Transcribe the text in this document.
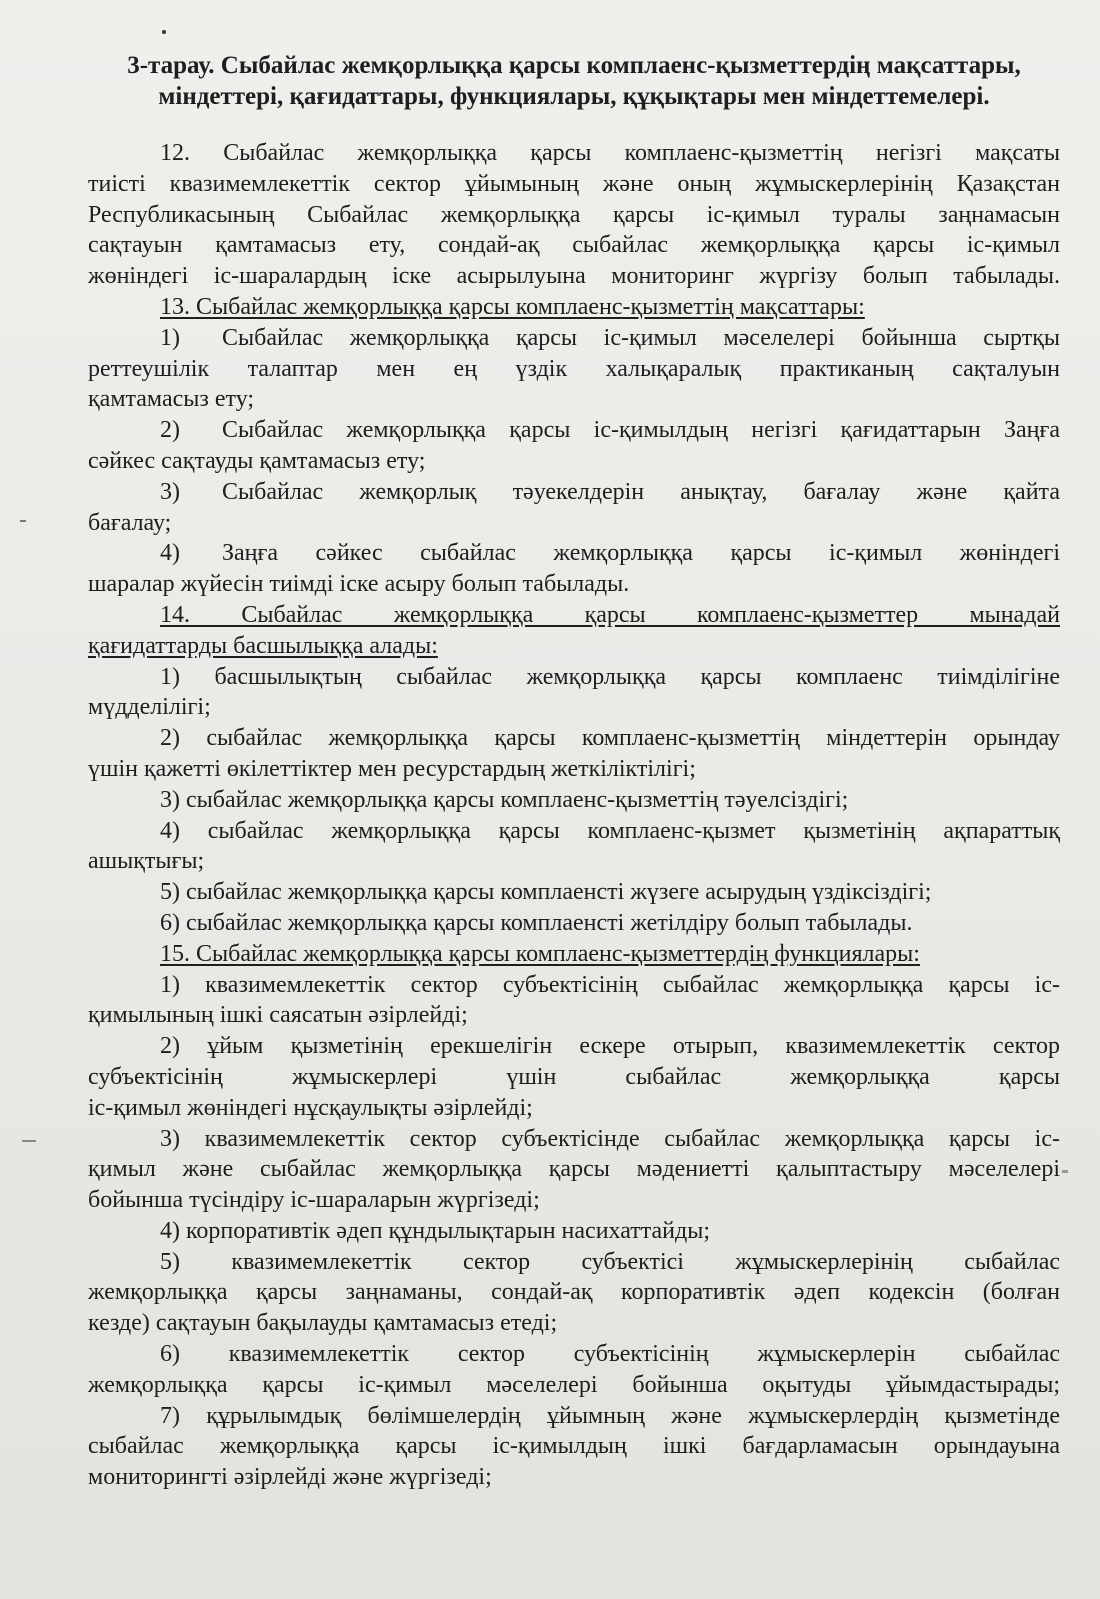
3-тарау. Сыбайлас жемқорлыққа қарсы комплаенс-қызметтердің мақсаттары, міндеттері, қағидаттары, функциялары, құқықтары мен міндеттемелері.
12. Сыбайлас жемқорлыққа қарсы комплаенс-қызметтің негізгі мақсаты
тиісті квазимемлекеттік сектор ұйымының және оның жұмыскерлерінің Қазақстан
Республикасының Сыбайлас жемқорлыққа қарсы іс-қимыл туралы заңнамасын
сақтауын қамтамасыз ету, сондай-ақ сыбайлас жемқорлыққа қарсы іс-қимыл
жөніндегі іс-шаралардың іске асырылуына мониторинг жүргізу болып табылады.
13. Сыбайлас жемқорлыққа қарсы комплаенс-қызметтің мақсаттары:
1) Сыбайлас жемқорлыққа қарсы іс-қимыл мәселелері бойынша сыртқы
реттеушілік талаптар мен ең үздік халықаралық практиканың сақталуын
қамтамасыз ету;
2) Сыбайлас жемқорлыққа қарсы іс-қимылдың негізгі қағидаттарын Заңға
сәйкес сақтауды қамтамасыз ету;
3) Сыбайлас жемқорлық тәуекелдерін анықтау, бағалау және қайта
бағалау;
4) Заңға сәйкес сыбайлас жемқорлыққа қарсы іс-қимыл жөніндегі
шаралар жүйесін тиімді іске асыру болып табылады.
14. Сыбайлас жемқорлыққа қарсы комплаенс-қызметтер мынадай
қағидаттарды басшылыққа алады:
1) басшылықтың сыбайлас жемқорлыққа қарсы комплаенс тиімділігіне
мүдделілігі;
2) сыбайлас жемқорлыққа қарсы комплаенс-қызметтің міндеттерін орындау
үшін қажетті өкілеттіктер мен ресурстардың жеткіліктілігі;
3) сыбайлас жемқорлыққа қарсы комплаенс-қызметтің тәуелсіздігі;
4) сыбайлас жемқорлыққа қарсы комплаенс-қызмет қызметінің ақпараттық
ашықтығы;
5) сыбайлас жемқорлыққа қарсы комплаенсті жүзеге асырудың үздіксіздігі;
6) сыбайлас жемқорлыққа қарсы комплаенсті жетілдіру болып табылады.
15. Сыбайлас жемқорлыққа қарсы комплаенс-қызметтердің функциялары:
1) квазимемлекеттік сектор субъектісінің сыбайлас жемқорлыққа қарсы іс-
қимылының ішкі саясатын әзірлейді;
2) ұйым қызметінің ерекшелігін ескере отырып, квазимемлекеттік сектор
субъектісінің жұмыскерлері үшін сыбайлас жемқорлыққа қарсы
іс-қимыл жөніндегі нұсқаулықты әзірлейді;
3) квазимемлекеттік сектор субъектісінде сыбайлас жемқорлыққа қарсы іс-
қимыл және сыбайлас жемқорлыққа қарсы мәдениетті қалыптастыру мәселелері
бойынша түсіндіру іс-шараларын жүргізеді;
4) корпоративтік әдеп құндылықтарын насихаттайды;
5) квазимемлекеттік сектор субъектісі жұмыскерлерінің сыбайлас
жемқорлыққа қарсы заңнаманы, сондай-ақ корпоративтік әдеп кодексін (болған
кезде) сақтауын бақылауды қамтамасыз етеді;
6) квазимемлекеттік сектор субъектісінің жұмыскерлерін сыбайлас
жемқорлыққа қарсы іс-қимыл мәселелері бойынша оқытуды ұйымдастырады;
7) құрылымдық бөлімшелердің ұйымның және жұмыскерлердің қызметінде
сыбайлас жемқорлыққа қарсы іс-қимылдың ішкі бағдарламасын орындауына
мониторингті әзірлейді және жүргізеді;
